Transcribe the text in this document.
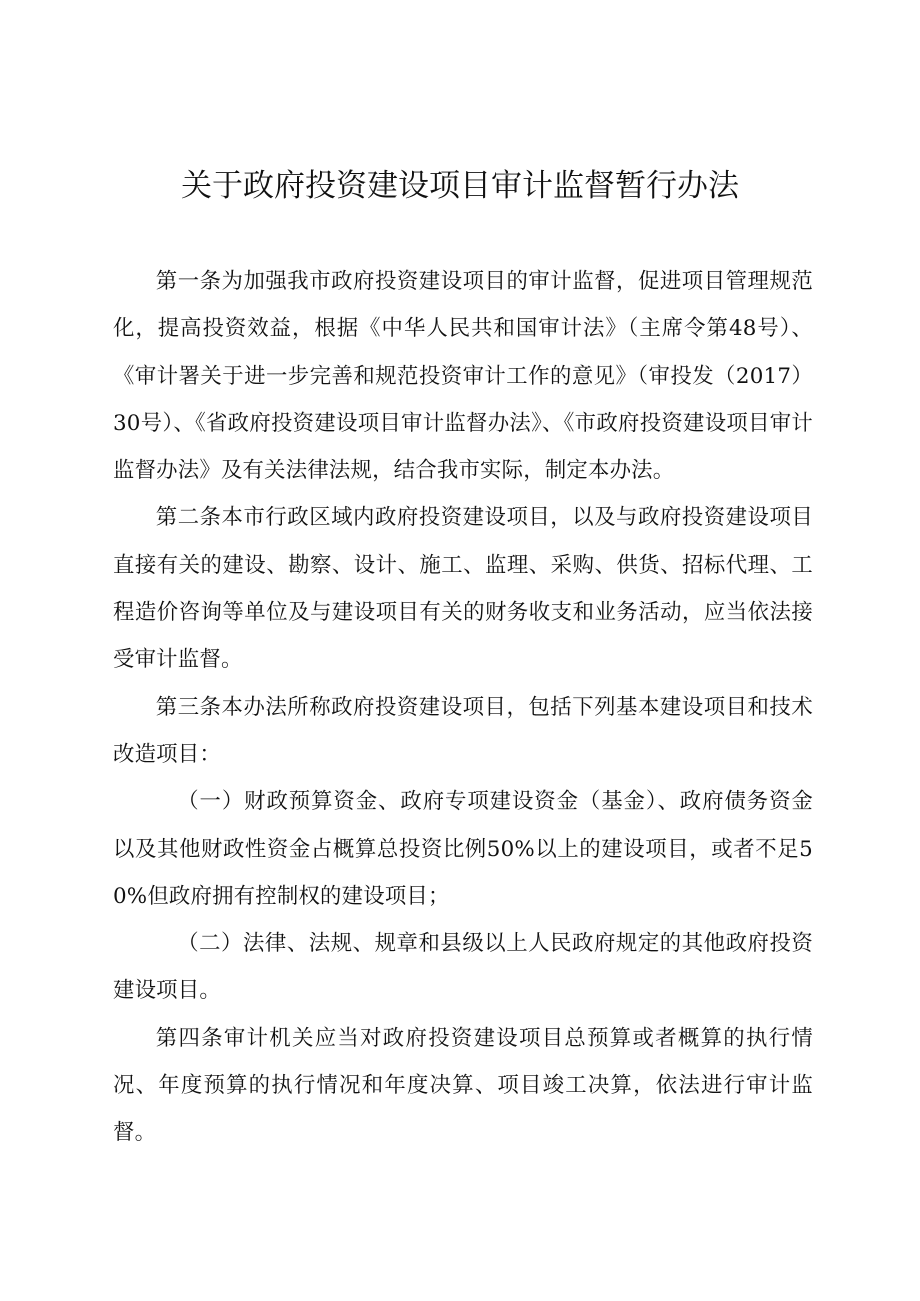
关于政府投资建设项目审计监督暂行办法

第一条为加强我市政府投资建设项目的审计监督，促进项目管理规范化，提高投资效益，根据《中华人民共和国审计法》（主席令第48号）、《审计署关于进一步完善和规范投资审计工作的意见》（审投发（2017）30号）、《省政府投资建设项目审计监督办法》、《市政府投资建设项目审计监督办法》及有关法律法规，结合我市实际，制定本办法。

第二条本市行政区域内政府投资建设项目，以及与政府投资建设项目直接有关的建设、勘察、设计、施工、监理、采购、供货、招标代理、工程造价咨询等单位及与建设项目有关的财务收支和业务活动，应当依法接受审计监督。

第三条本办法所称政府投资建设项目，包括下列基本建设项目和技术改造项目：

（一）财政预算资金、政府专项建设资金（基金）、政府债务资金以及其他财政性资金占概算总投资比例50%以上的建设项目，或者不足50%但政府拥有控制权的建设项目；

（二）法律、法规、规章和县级以上人民政府规定的其他政府投资建设项目。

第四条审计机关应当对政府投资建设项目总预算或者概算的执行情况、年度预算的执行情况和年度决算、项目竣工决算，依法进行审计监督。
